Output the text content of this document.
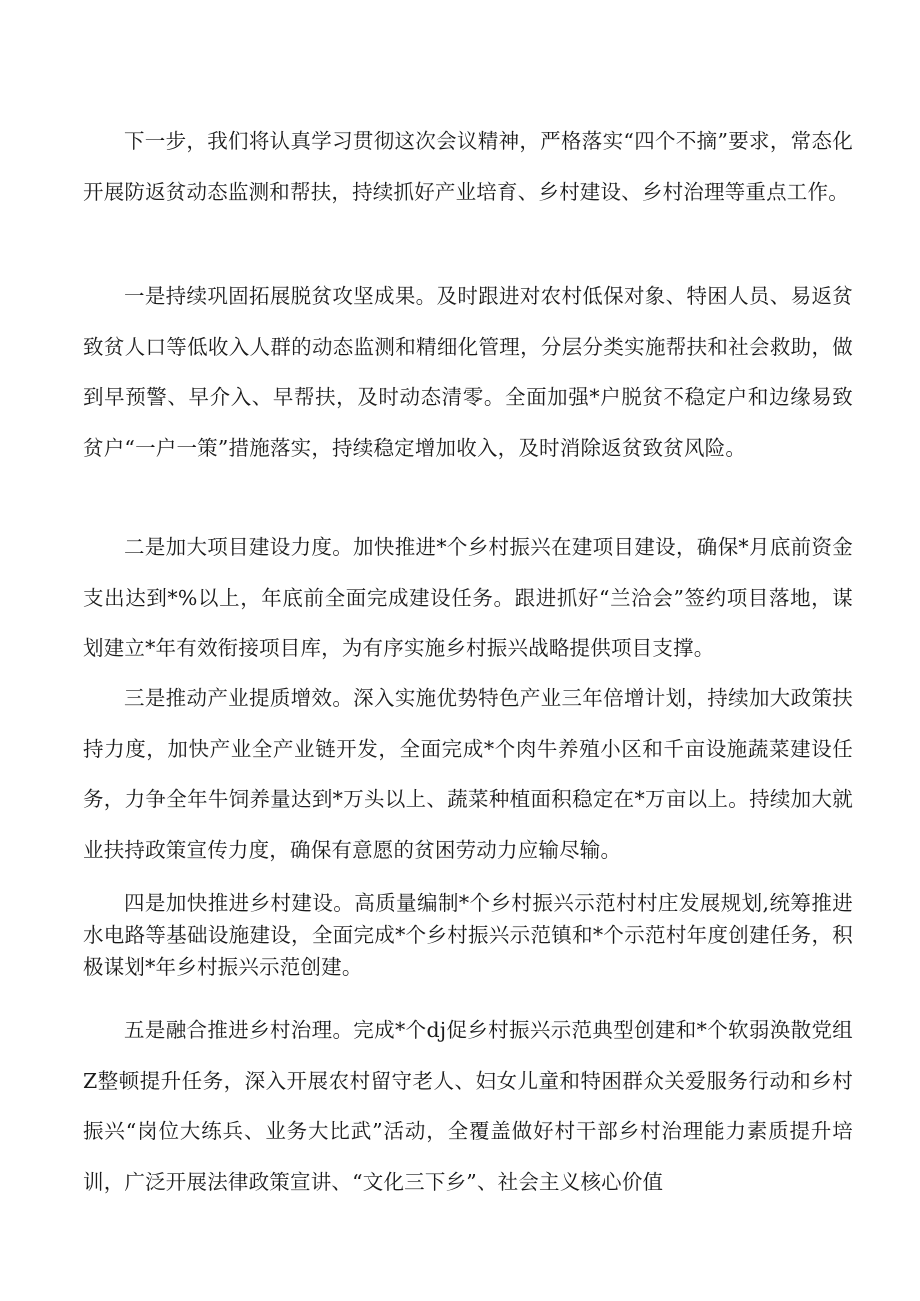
下一步，我们将认真学习贯彻这次会议精神，严格落实“四个不摘”要求，常态化开展防返贫动态监测和帮扶，持续抓好产业培育、乡村建设、乡村治理等重点工作。

一是持续巩固拓展脱贫攻坚成果。及时跟进对农村低保对象、特困人员、易返贫致贫人口等低收入人群的动态监测和精细化管理，分层分类实施帮扶和社会救助，做到早预警、早介入、早帮扶，及时动态清零。全面加强*户脱贫不稳定户和边缘易致贫户“一户一策”措施落实，持续稳定增加收入，及时消除返贫致贫风险。

二是加大项目建设力度。加快推进*个乡村振兴在建项目建设，确保*月底前资金支出达到*%以上，年底前全面完成建设任务。跟进抓好“兰洽会”签约项目落地，谋划建立*年有效衔接项目库，为有序实施乡村振兴战略提供项目支撑。

三是推动产业提质增效。深入实施优势特色产业三年倍增计划，持续加大政策扶持力度，加快产业全产业链开发，全面完成*个肉牛养殖小区和千亩设施蔬菜建设任务，力争全年牛饲养量达到*万头以上、蔬菜种植面积稳定在*万亩以上。持续加大就业扶持政策宣传力度，确保有意愿的贫困劳动力应输尽输。

四是加快推进乡村建设。高质量编制*个乡村振兴示范村村庄发展规划,统筹推进水电路等基础设施建设，全面完成*个乡村振兴示范镇和*个示范村年度创建任务，积极谋划*年乡村振兴示范创建。

五是融合推进乡村治理。完成*个dj促乡村振兴示范典型创建和*个软弱涣散党组Z整顿提升任务，深入开展农村留守老人、妇女儿童和特困群众关爱服务行动和乡村振兴“岗位大练兵、业务大比武”活动，全覆盖做好村干部乡村治理能力素质提升培训，广泛开展法律政策宣讲、“文化三下乡”、社会主义核心价值
